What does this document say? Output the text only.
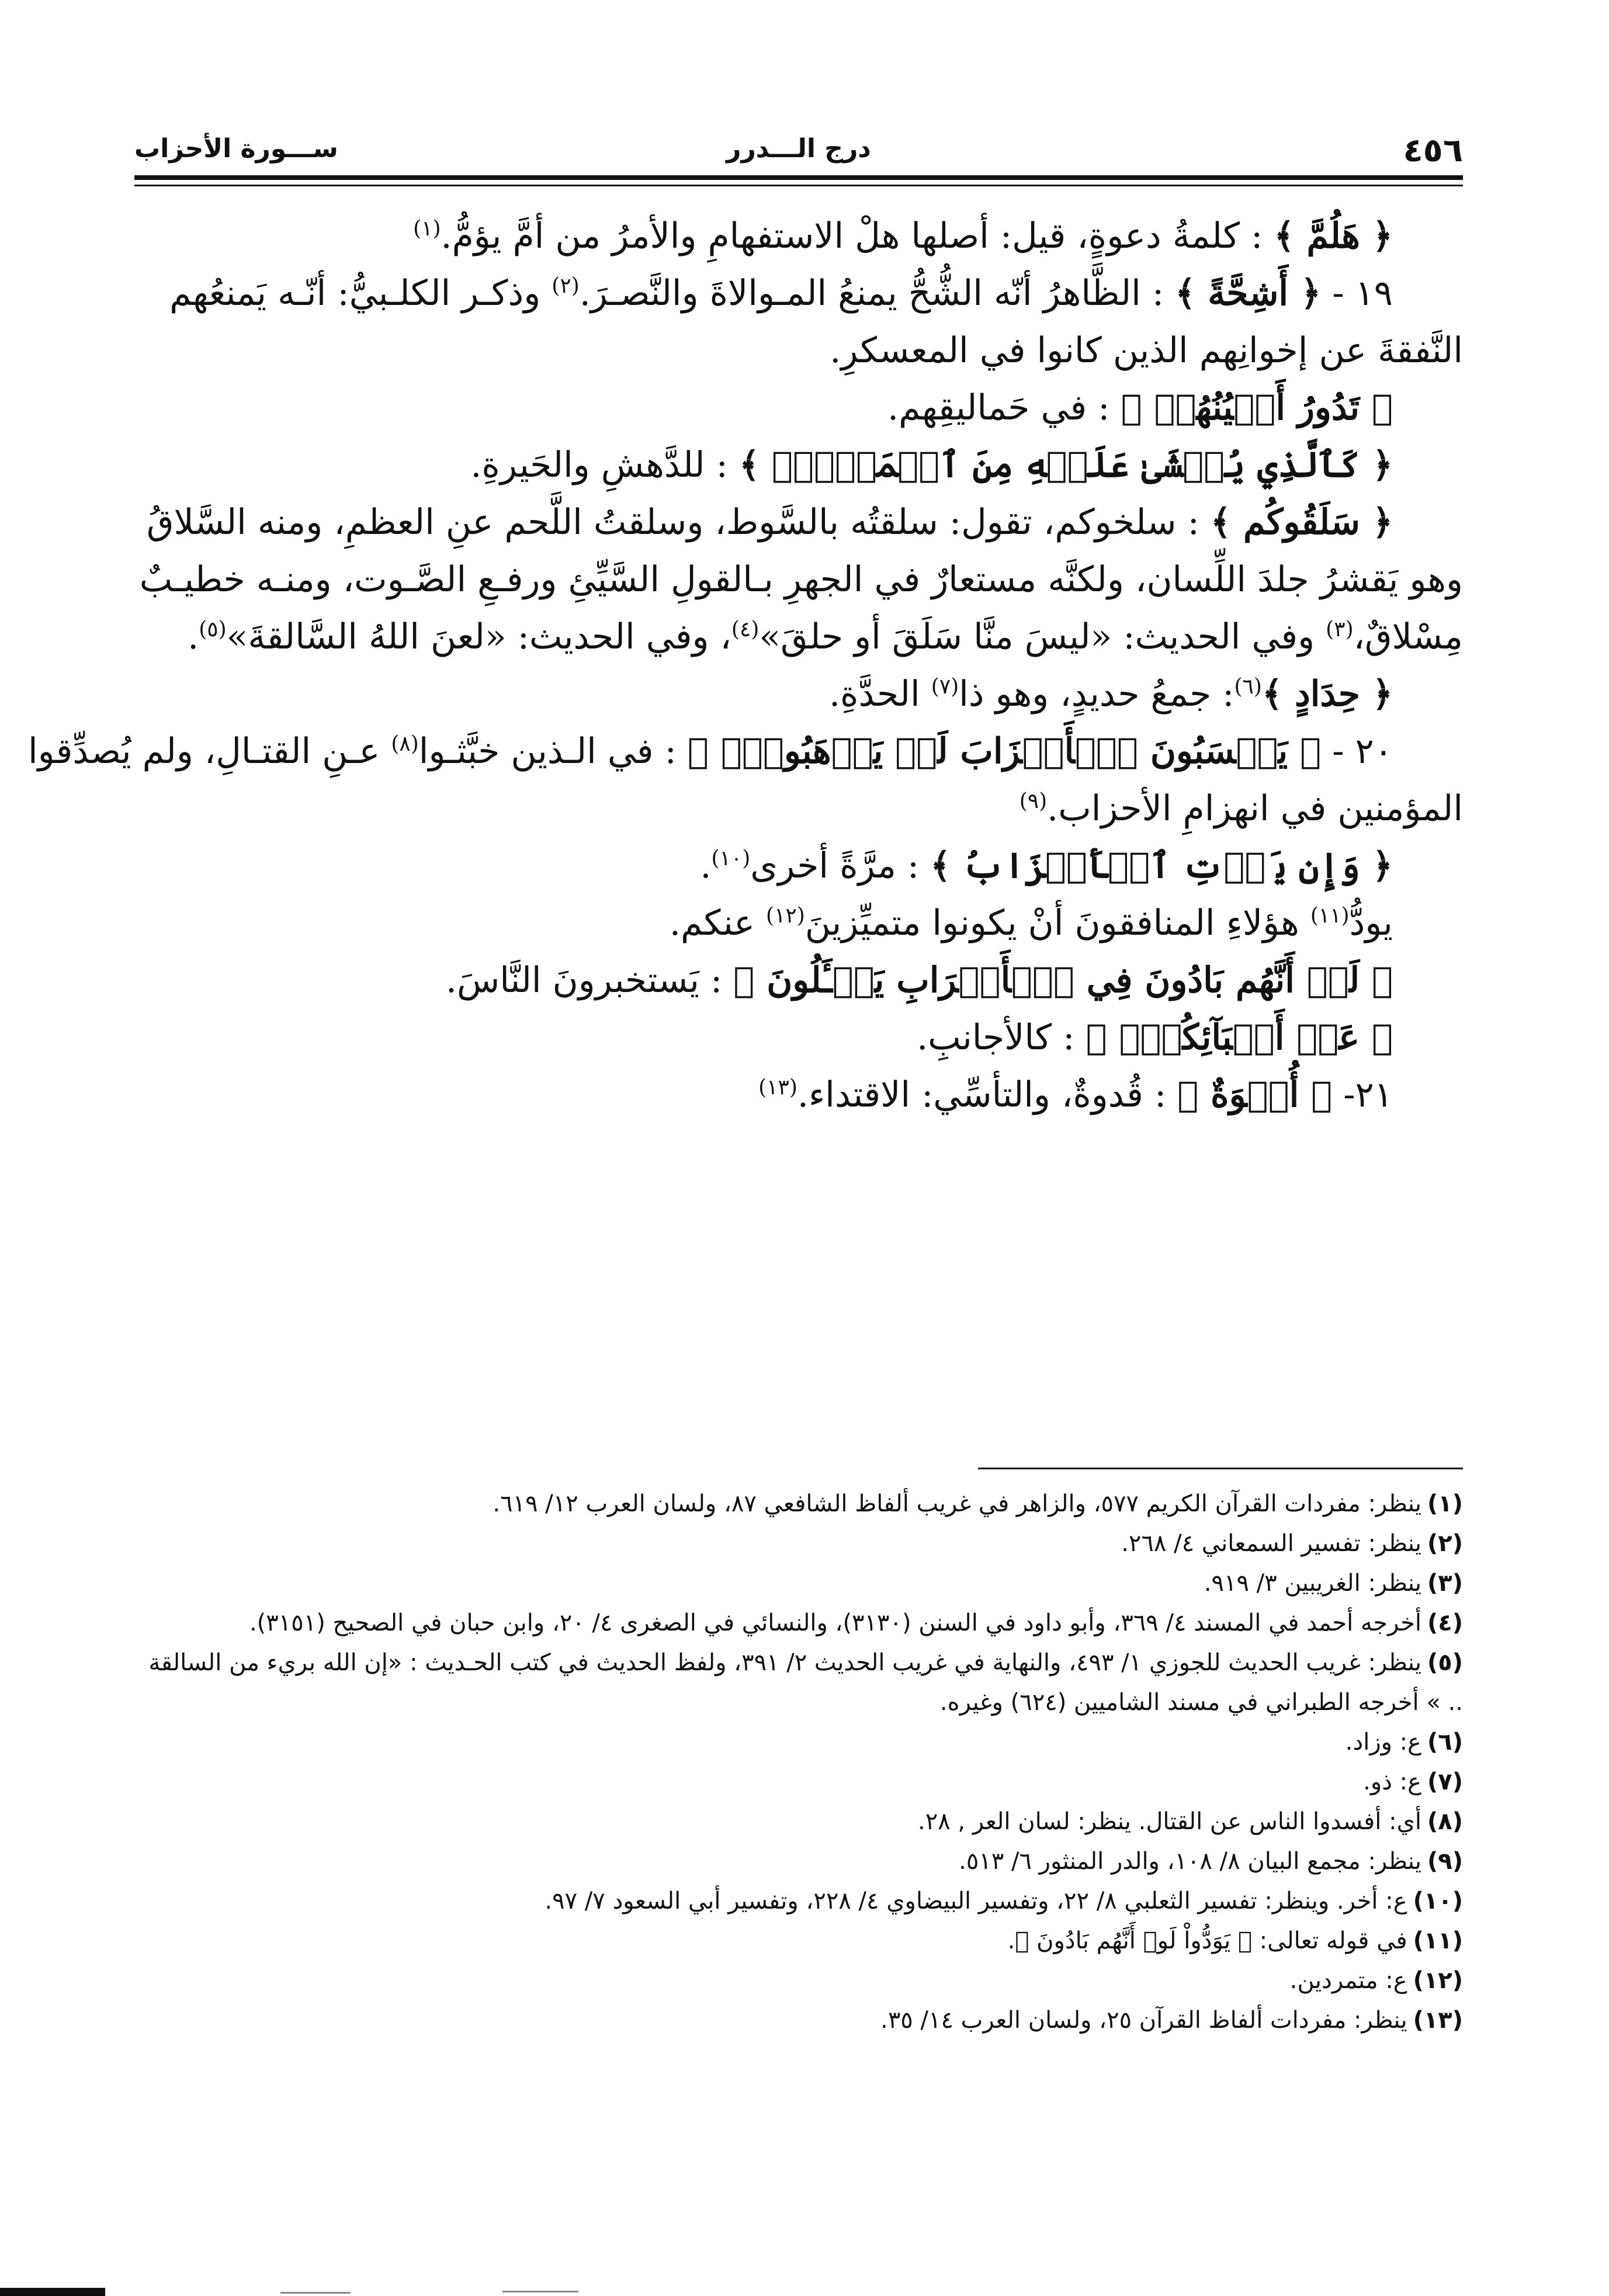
٤٥٦
درج الـــدرر
ســـورة الأحزاب
﴿ هَلُمَّ ﴾ : كلمةُ دعوةٍ، قيل: أصلها هلْ الاستفهامِ والأمرُ من أمَّ يؤمُّ.$^{(١)}$
١٩ - ﴿ أَشِحَّةً ﴾ : الظَّاهرُ أنّه الشُّحُّ يمنعُ المـوالاةَ والنَّصـرَ.$^{(٢)}$ وذكـر الكلـبيُّ: أنّـه يَمنعُهم
النَّفقةَ عن إخوانِهم الذين كانوا في المعسكرِ.
﴿ تَدُورُ أَعۡيُنُهُمۡ ﴾ : في حَماليقِهم.
﴿ كَٱلَّذِي يُغۡشَىٰ عَلَيۡهِ مِنَ ٱلۡمَوۡتِۖ ﴾ : للدَّهشِ والحَيرةِ.
﴿ سَلَقُوكُم ﴾ : سلخوكم، تقول: سلقتُه بالسَّوط، وسلقتُ اللَّحم عنِ العظمِ، ومنه السَّلاقُ
وهو يَقشرُ جلدَ اللِّسان، ولكنَّه مستعارٌ في الجهرِ بـالقولِ السَّيِّئِ ورفـعِ الصَّـوت، ومنـه خطيـبٌ
مِسْلاقٌ،$^{(٣)}$ وفي الحديث: «ليسَ منَّا سَلَقَ أو حلقَ»$^{(٤)}$، وفي الحديث: «لعنَ اللهُ السَّالقةَ»$^{(٥)}$.
﴿ حِدَادٍ ﴾$^{(٦)}$: جمعُ حديدٍ، وهو ذا$^{(٧)}$ الحدَّةِ.
٢٠ - ﴿ يَحۡسَبُونَ ٱلۡأَحۡزَابَ لَمۡ يَذۡهَبُواْۖ ﴾ : في الـذين خبَّثـوا$^{(٨)}$ عـنِ القتـالِ، ولم يُصدِّقوا
المؤمنين في انهزامِ الأحزاب.$^{(٩)}$
﴿ وَإِن يَأۡتِ ٱلۡأَحۡزَابُ ﴾ : مرَّةً أخرى$^{(١٠)}$.
يودُّ$^{(١١)}$ هؤلاءِ المنافقونَ أنْ يكونوا متميِّزينَ$^{(١٢)}$ عنكم.
﴿ لَوۡ أَنَّهُم بَادُونَ فِي ٱلۡأَعۡرَابِ يَسۡـَٔلُونَ ﴾ : يَستخبرونَ النَّاسَ.
﴿ عَنۡ أَنۢبَآئِكُمۡۖ ﴾ : كالأجانبِ.
٢١- ﴿ أُسۡوَةٌ ﴾ : قُدوةٌ، والتأسِّي: الاقتداء.$^{(١٣)}$
(١)ينظر: مفردات القرآن الكريم ٥٧٧، والزاهر في غريب ألفاظ الشافعي ٨٧، ولسان العرب ١٢/ ٦١٩.
(٢)ينظر: تفسير السمعاني ٤/ ٢٦٨.
(٣)ينظر: الغريبين ٣/ ٩١٩.
(٤)أخرجه أحمد في المسند ٤/ ٣٦٩، وأبو داود في السنن (٣١٣٠)، والنسائي في الصغرى ٤/ ٢٠، وابن حبان في الصحيح (٣١٥١).
(٥)ينظر: غريب الحديث للجوزي ١/ ٤٩٣، والنهاية في غريب الحديث ٢/ ٣٩١، ولفظ الحديث في كتب الحـديث : «إن الله بريء من السالقة .. » أخرجه الطبراني في مسند الشاميين (٦٢٤) وغيره.
(٦)ع: وزاد.
(٧)ع: ذو.
(٨)أي: أفسدوا الناس عن القتال. ينظر: لسان العر , ٢٨.
(٩)ينظر: مجمع البيان ٨/ ١٠٨، والدر المنثور ٦/ ٥١٣.
(١٠)ع: أخر. وينظر: تفسير الثعلبي ٨/ ٢٢، وتفسير البيضاوي ٤/ ٢٢٨، وتفسير أبي السعود ٧/ ٩٧.
(١١)في قوله تعالى: ﴿ يَوَدُّواْ لَوۡ أَنَّهُم بَادُونَ ﴾.
(١٢)ع: متمردين.
(١٣)ينظر: مفردات ألفاظ القرآن ٢٥، ولسان العرب ١٤/ ٣٥.
